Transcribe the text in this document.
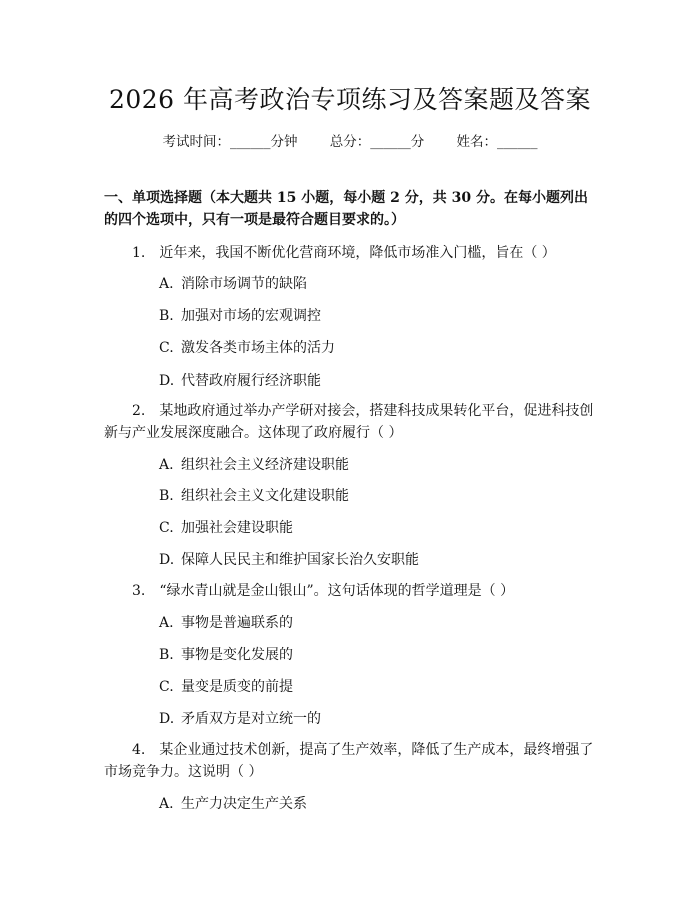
2026 年高考政治专项练习及答案题及答案
考试时间：______分钟 总分：______分 姓名：______
一、单项选择题（本大题共 15 小题，每小题 2 分，共 30 分。在每小题列出的四个选项中，只有一项是最符合题目要求的。）
1.　近年来，我国不断优化营商环境，降低市场准入门槛，旨在（ ）
A. 消除市场调节的缺陷
B. 加强对市场的宏观调控
C. 激发各类市场主体的活力
D. 代替政府履行经济职能
2.　某地政府通过举办产学研对接会，搭建科技成果转化平台，促进科技创新与产业发展深度融合。这体现了政府履行（ ）
A. 组织社会主义经济建设职能
B. 组织社会主义文化建设职能
C. 加强社会建设职能
D. 保障人民民主和维护国家长治久安职能
3.　“绿水青山就是金山银山”。这句话体现的哲学道理是（ ）
A. 事物是普遍联系的
B. 事物是变化发展的
C. 量变是质变的前提
D. 矛盾双方是对立统一的
4.　某企业通过技术创新，提高了生产效率，降低了生产成本，最终增强了市场竞争力。这说明（ ）
A. 生产力决定生产关系
